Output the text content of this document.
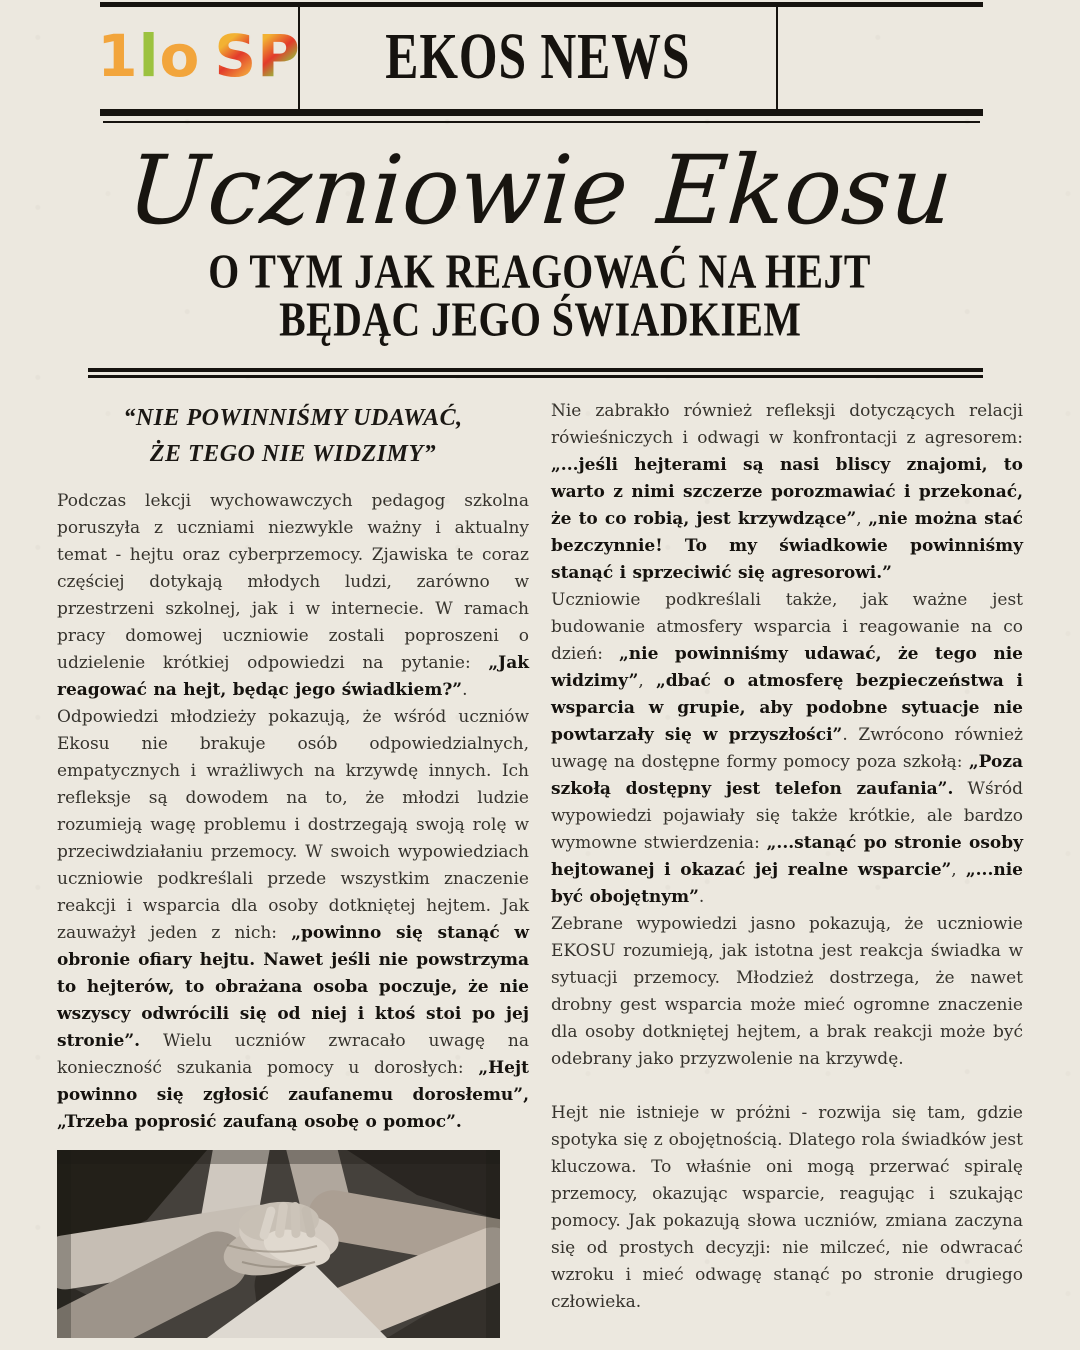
1 l o S P EKOS NEWS
Uczniowie Ekosu
O TYM JAK REAGOWAĆ NA HEJT
BĘDĄC JEGO ŚWIADKIEM
“NIE POWINNIŚMY UDAWAĆ,
ŻE TEGO NIE WIDZIMY”

Podczas lekcji wychowawczych pedagog szkolna poruszyła z uczniami niezwykle ważny i aktualny temat - hejtu oraz cyberprzemocy. Zjawiska te coraz częściej dotykają młodych ludzi, zarówno w przestrzeni szkolnej, jak i w internecie. W ramach pracy domowej uczniowie zostali poproszeni o udzielenie krótkiej odpowiedzi na pytanie: „Jak reagować na hejt, będąc jego świadkiem?”.

Odpowiedzi młodzieży pokazują, że wśród uczniów Ekosu nie brakuje osób odpowiedzialnych, empatycznych i wrażliwych na krzywdę innych. Ich refleksje są dowodem na to, że młodzi ludzie rozumieją wagę problemu i dostrzegają swoją rolę w przeciwdziałaniu przemocy. W swoich wypowiedziach uczniowie podkreślali przede wszystkim znaczenie reakcji i wsparcia dla osoby dotkniętej hejtem. Jak zauważył jeden z nich: „powinno się stanąć w obronie ofiary hejtu. Nawet jeśli nie powstrzyma to hejterów, to obrażana osoba poczuje, że nie wszyscy odwrócili się od niej i ktoś stoi po jej stronie”. Wielu uczniów zwracało uwagę na konieczność szukania pomocy u dorosłych: „Hejt powinno się zgłosić zaufanemu dorosłemu”, „Trzeba poprosić zaufaną osobę o pomoc”.

Nie zabrakło również refleksji dotyczących relacji rówieśniczych i odwagi w konfrontacji z agresorem: „...jeśli hejterami są nasi bliscy znajomi, to warto z nimi szczerze porozmawiać i przekonać, że to co robią, jest krzywdzące”, „nie można stać bezczynnie! To my świadkowie powinniśmy stanąć i sprzeciwić się agresorowi.”

Uczniowie podkreślali także, jak ważne jest budowanie atmosfery wsparcia i reagowanie na co dzień: „nie powinniśmy udawać, że tego nie widzimy”, „dbać o atmosferę bezpieczeństwa i wsparcia w grupie, aby podobne sytuacje nie powtarzały się w przyszłości”. Zwrócono również uwagę na dostępne formy pomocy poza szkołą: „Poza szkołą dostępny jest telefon zaufania”. Wśród wypowiedzi pojawiały się także krótkie, ale bardzo wymowne stwierdzenia: „...stanąć po stronie osoby hejtowanej i okazać jej realne wsparcie”, „...nie być obojętnym”.

Zebrane wypowiedzi jasno pokazują, że uczniowie EKOSU rozumieją, jak istotna jest reakcja świadka w sytuacji przemocy. Młodzież dostrzega, że nawet drobny gest wsparcia może mieć ogromne znaczenie dla osoby dotkniętej hejtem, a brak reakcji może być odebrany jako przyzwolenie na krzywdę.

Hejt nie istnieje w próżni - rozwija się tam, gdzie spotyka się z obojętnością. Dlatego rola świadków jest kluczowa. To właśnie oni mogą przerwać spiralę przemocy, okazując wsparcie, reagując i szukając pomocy. Jak pokazują słowa uczniów, zmiana zaczyna się od prostych decyzji: nie milczeć, nie odwracać wzroku i mieć odwagę stanąć po stronie drugiego człowieka.
